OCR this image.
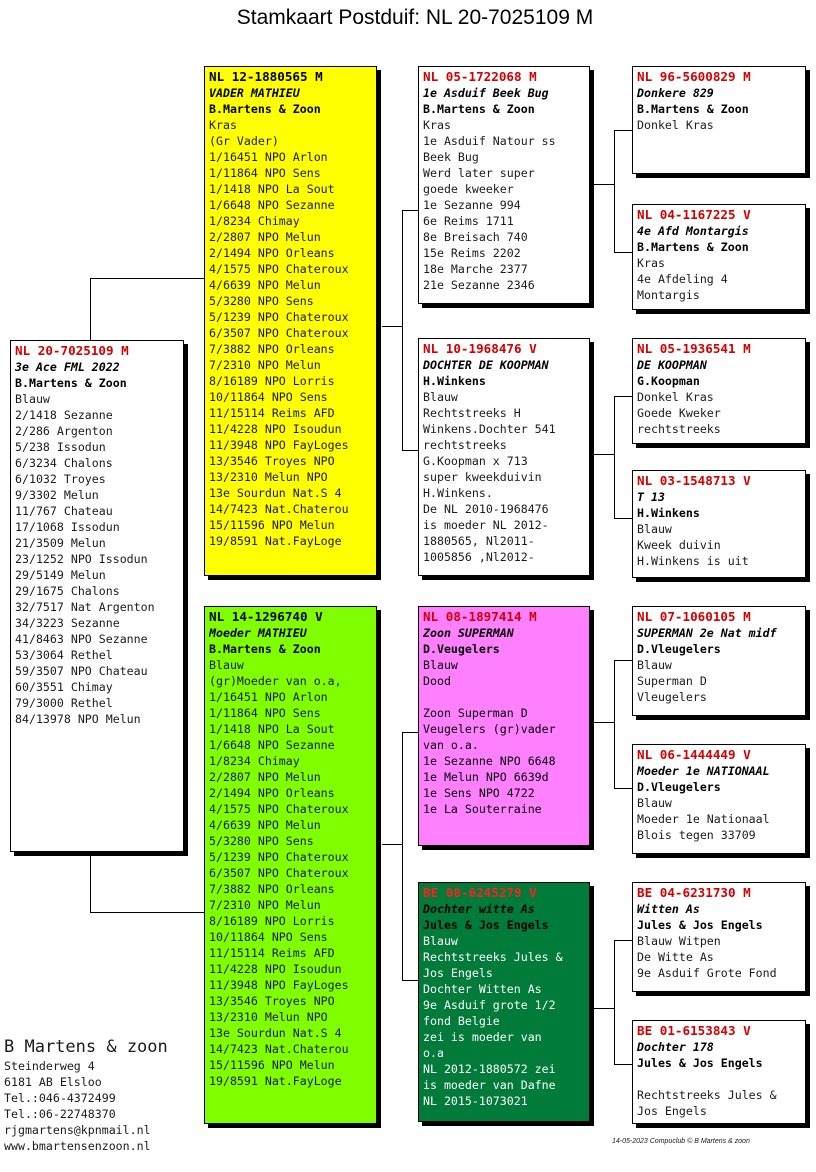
Stamkaart Postduif: NL 20-7025109 M
NL 20-7025109 M
3e Ace FML 2022
B.Martens & Zoon
Blauw
2/1418 Sezanne
2/286 Argenton
5/238 Issodun
6/3234 Chalons
6/1032 Troyes
9/3302 Melun
11/767 Chateau
17/1068 Issodun
21/3509 Melun
23/1252 NPO Issodun
29/5149 Melun
29/1675 Chalons
32/7517 Nat Argenton
34/3223 Sezanne
41/8463 NPO Sezanne
53/3064 Rethel
59/3507 NPO Chateau
60/3551 Chimay
79/3000 Rethel
84/13978 NPO Melun
NL 12-1880565 M
VADER MATHIEU
B.Martens & Zoon
Kras
(Gr Vader)
1/16451 NPO Arlon
1/11864 NPO Sens
1/1418 NPO La Sout
1/6648 NPO Sezanne
1/8234 Chimay
2/2807 NPO Melun
2/1494 NPO Orleans
4/1575 NPO Chateroux
4/6639 NPO Melun
5/3280 NPO Sens
5/1239 NPO Chateroux
6/3507 NPO Chateroux
7/3882 NPO Orleans
7/2310 NPO Melun
8/16189 NPO Lorris
10/11864 NPO Sens
11/15114 Reims AFD
11/4228 NPO Isoudun
11/3948 NPO FayLoges
13/3546 Troyes NPO
13/2310 Melun NPO
13e Sourdun Nat.S 4
14/7423 Nat.Chaterou
15/11596 NPO Melun
19/8591 Nat.FayLoge
NL 14-1296740 V
Moeder MATHIEU
B.Martens & Zoon
Blauw
(gr)Moeder van o.a,
1/16451 NPO Arlon
1/11864 NPO Sens
1/1418 NPO La Sout
1/6648 NPO Sezanne
1/8234 Chimay
2/2807 NPO Melun
2/1494 NPO Orleans
4/1575 NPO Chateroux
4/6639 NPO Melun
5/3280 NPO Sens
5/1239 NPO Chateroux
6/3507 NPO Chateroux
7/3882 NPO Orleans
7/2310 NPO Melun
8/16189 NPO Lorris
10/11864 NPO Sens
11/15114 Reims AFD
11/4228 NPO Isoudun
11/3948 NPO FayLoges
13/3546 Troyes NPO
13/2310 Melun NPO
13e Sourdun Nat.S 4
14/7423 Nat.Chaterou
15/11596 NPO Melun
19/8591 Nat.FayLoge
NL 05-1722068 M
1e Asduif Beek Bug
B.Martens & Zoon
Kras
1e Asduif Natour ss
Beek Bug
Werd later super
goede kweeker
1e Sezanne 994
6e Reims 1711
8e Breisach 740
15e Reims 2202
18e Marche 2377
21e Sezanne 2346
NL 10-1968476 V
DOCHTER DE KOOPMAN
H.Winkens
Blauw
Rechtstreeks H
Winkens.Dochter 541
rechtstreeks
G.Koopman x 713
super kweekduivin
H.Winkens.
De NL 2010-1968476
is moeder NL 2012-
1880565, Nl2011-
1005856 ,Nl2012-
NL 08-1897414 M
Zoon SUPERMAN
D.Veugelers
Blauw
Dood

Zoon Superman D
Veugelers (gr)vader
van o.a.
1e Sezanne NPO 6648
1e Melun NPO 6639d
1e Sens NPO 4722
1e La Souterraine
BE 08-6245279 V
Dochter witte As
Jules & Jos Engels
Blauw
Rechtstreeks Jules &
Jos Engels
Dochter Witten As
9e Asduif grote 1/2
fond Belgie
zei is moeder van
o.a
NL 2012-1880572 zei
is moeder van Dafne
NL 2015-1073021
NL 96-5600829 M
Donkere 829
B.Martens & Zoon
Donkel Kras
NL 04-1167225 V
4e Afd Montargis
B.Martens & Zoon
Kras
4e Afdeling 4
Montargis
NL 05-1936541 M
DE KOOPMAN
G.Koopman
Donkel Kras
Goede Kweker
rechtstreeks
NL 03-1548713 V
T 13
H.Winkens
Blauw
Kweek duivin
H.Winkens is uit
NL 07-1060105 M
SUPERMAN 2e Nat midf
D.Vleugelers
Blauw
Superman D
Vleugelers
NL 06-1444449 V
Moeder 1e NATIONAAL
D.Vleugelers
Blauw
Moeder 1e Nationaal
Blois tegen 33709
BE 04-6231730 M
Witten As
Jules & Jos Engels
Blauw Witpen
De Witte As
9e Asduif Grote Fond
BE 01-6153843 V
Dochter 178
Jules & Jos Engels

Rechtstreeks Jules &
Jos Engels
B Martens & zoon
Steinderweg 4
6181 AB Elsloo
Tel.:046-4372499
Tel.:06-22748370
rjgmartens@kpnmail.nl
www.bmartensenzoon.nl	14-05-2023 Compuclub © B Martens & zoon
